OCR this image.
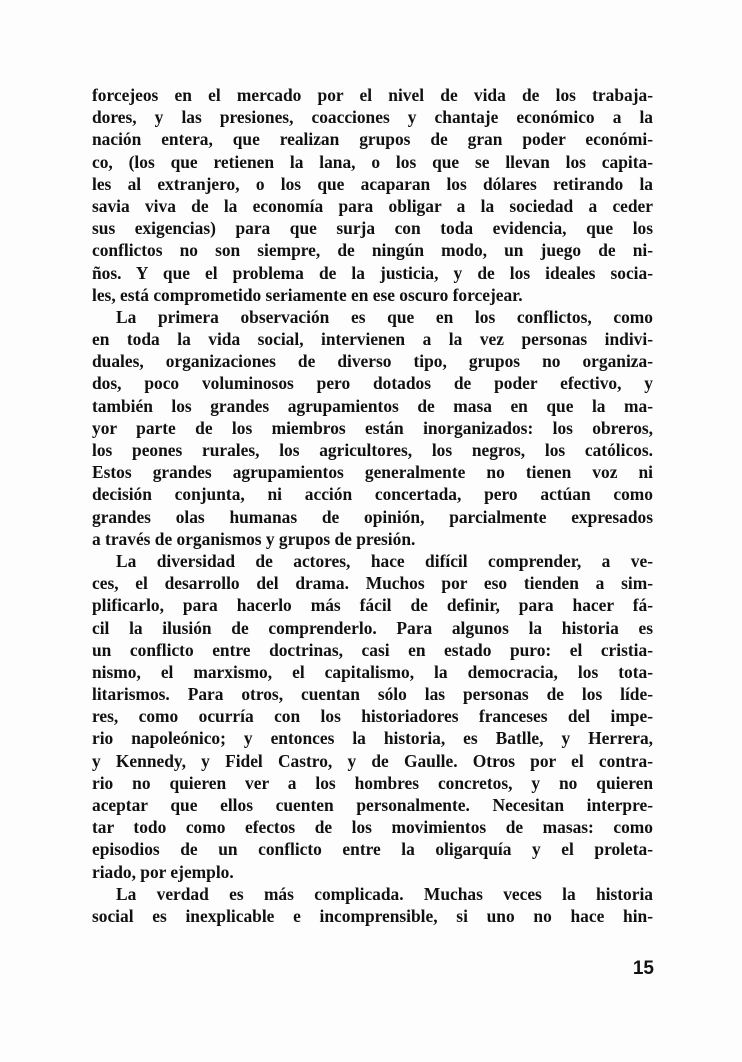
forcejeos en el mercado por el nivel de vida de los trabaja-
dores, y las presiones, coacciones y chantaje económico a la
nación entera, que realizan grupos de gran poder económi-
co, (los que retienen la lana, o los que se llevan los capita-
les al extranjero, o los que acaparan los dólares retirando la
savia viva de la economía para obligar a la sociedad a ceder
sus exigencias) para que surja con toda evidencia, que los
conflictos no son siempre, de ningún modo, un juego de ni-
ños. Y que el problema de la justicia, y de los ideales socia-
les, está comprometido seriamente en ese oscuro forcejear.
La primera observación es que en los conflictos, como
en toda la vida social, intervienen a la vez personas indivi-
duales, organizaciones de diverso tipo, grupos no organiza-
dos, poco voluminosos pero dotados de poder efectivo, y
también los grandes agrupamientos de masa en que la ma-
yor parte de los miembros están inorganizados: los obreros,
los peones rurales, los agricultores, los negros, los católicos.
Estos grandes agrupamientos generalmente no tienen voz ni
decisión conjunta, ni acción concertada, pero actúan como
grandes olas humanas de opinión, parcialmente expresados
a través de organismos y grupos de presión.
La diversidad de actores, hace difícil comprender, a ve-
ces, el desarrollo del drama. Muchos por eso tienden a sim-
plificarlo, para hacerlo más fácil de definir, para hacer fá-
cil la ilusión de comprenderlo. Para algunos la historia es
un conflicto entre doctrinas, casi en estado puro: el cristia-
nismo, el marxismo, el capitalismo, la democracia, los tota-
litarismos. Para otros, cuentan sólo las personas de los líde-
res, como ocurría con los historiadores franceses del impe-
rio napoleónico; y entonces la historia, es Batlle, y Herrera,
y Kennedy, y Fidel Castro, y de Gaulle. Otros por el contra-
rio no quieren ver a los hombres concretos, y no quieren
aceptar que ellos cuenten personalmente. Necesitan interpre-
tar todo como efectos de los movimientos de masas: como
episodios de un conflicto entre la oligarquía y el proleta-
riado, por ejemplo.
La verdad es más complicada. Muchas veces la historia
social es inexplicable e incomprensible, si uno no hace hin-
15
